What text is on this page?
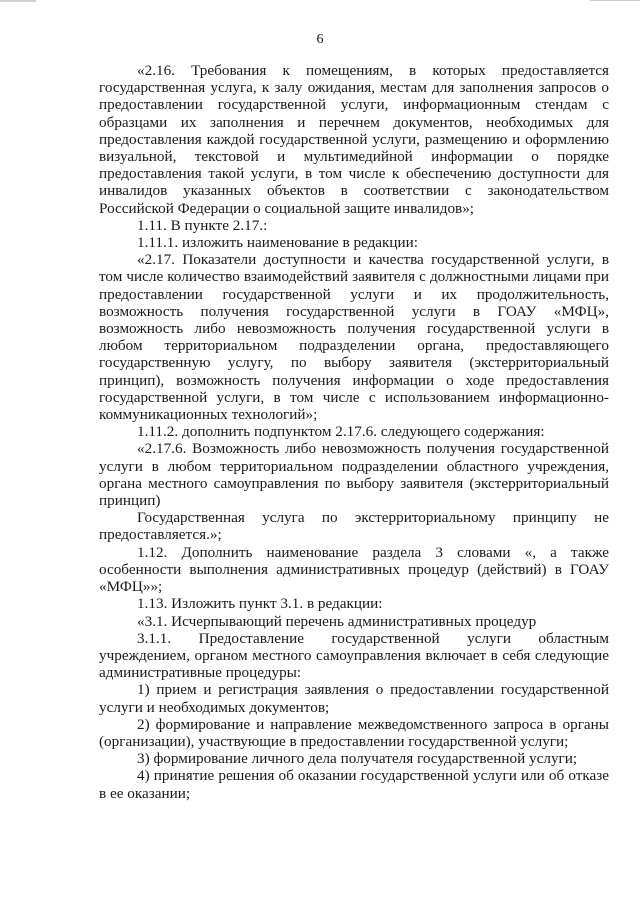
6

«2.16. Требования к помещениям, в которых предоставляется государственная услуга, к залу ожидания, местам для заполнения запросов о предоставлении государственной услуги, информационным стендам с образцами их заполнения и перечнем документов, необходимых для предоставления каждой государственной услуги, размещению и оформлению визуальной, текстовой и мультимедийной информации о порядке предоставления такой услуги, в том числе к обеспечению доступности для инвалидов указанных объектов в соответствии с законодательством Российской Федерации о социальной защите инвалидов»;

1.11. В пункте 2.17.:

1.11.1. изложить наименование в редакции:

«2.17. Показатели доступности и качества государственной услуги, в том числе количество взаимодействий заявителя с должностными лицами при предоставлении государственной услуги и их продолжительность, возможность получения государственной услуги в ГОАУ «МФЦ», возможность либо невозможность получения государственной услуги в любом территориальном подразделении органа, предоставляющего государственную услугу, по выбору заявителя (экстерриториальный принцип), возможность получения информации о ходе предоставления государственной услуги, в том числе с использованием информационно-коммуникационных технологий»;

1.11.2. дополнить подпунктом 2.17.6. следующего содержания:

«2.17.6. Возможность либо невозможность получения государственной услуги в любом территориальном подразделении областного учреждения, органа местного самоуправления по выбору заявителя (экстерриториальный принцип)

Государственная услуга по экстерриториальному принципу не предоставляется.»;

1.12. Дополнить наименование раздела 3 словами «, а также особенности выполнения административных процедур (действий) в ГОАУ «МФЦ»»;

1.13. Изложить пункт 3.1. в редакции:

«3.1. Исчерпывающий перечень административных процедур

3.1.1. Предоставление государственной услуги областным учреждением, органом местного самоуправления включает в себя следующие административные процедуры:

1) прием и регистрация заявления о предоставлении государственной услуги и необходимых документов;

2) формирование и направление межведомственного запроса в органы (организации), участвующие в предоставлении государственной услуги;

3) формирование личного дела получателя государственной услуги;

4) принятие решения об оказании государственной услуги или об отказе в ее оказании;
